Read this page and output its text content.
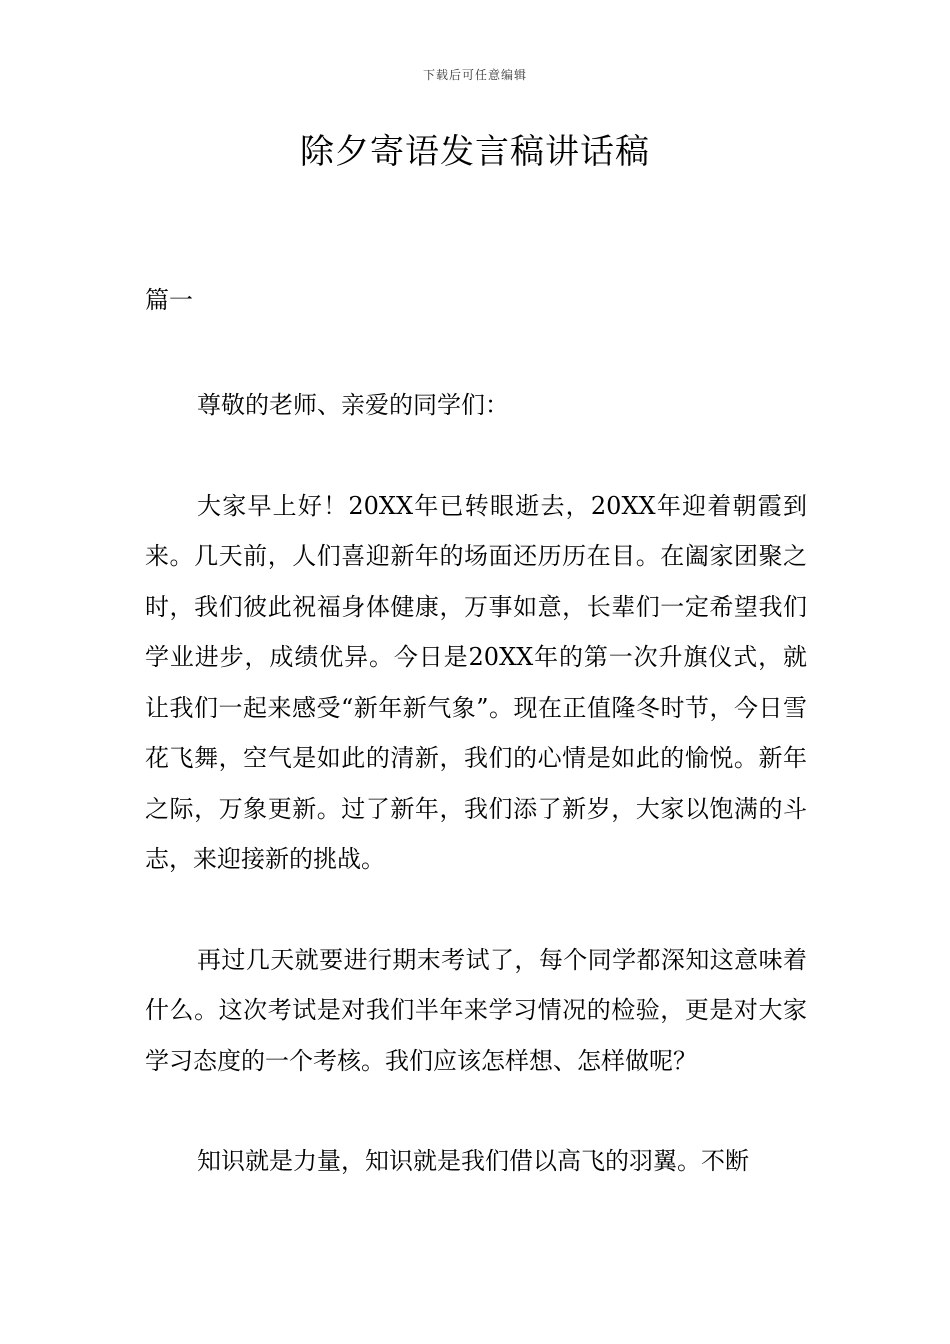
下载后可任意编辑
除夕寄语发言稿讲话稿
篇一

尊敬的老师、亲爱的同学们：

大家早上好！20XX年已转眼逝去，20XX年迎着朝霞到来。几天前，人们喜迎新年的场面还历历在目。在阖家团聚之时，我们彼此祝福身体健康，万事如意，长辈们一定希望我们学业进步，成绩优异。今日是20XX年的第一次升旗仪式，就让我们一起来感受“新年新气象”。现在正值隆冬时节，今日雪花飞舞，空气是如此的清新，我们的心情是如此的愉悦。新年之际，万象更新。过了新年，我们添了新岁，大家以饱满的斗志，来迎接新的挑战。

再过几天就要进行期末考试了，每个同学都深知这意味着什么。这次考试是对我们半年来学习情况的检验，更是对大家学习态度的一个考核。我们应该怎样想、怎样做呢？

知识就是力量，知识就是我们借以高飞的羽翼。不断
